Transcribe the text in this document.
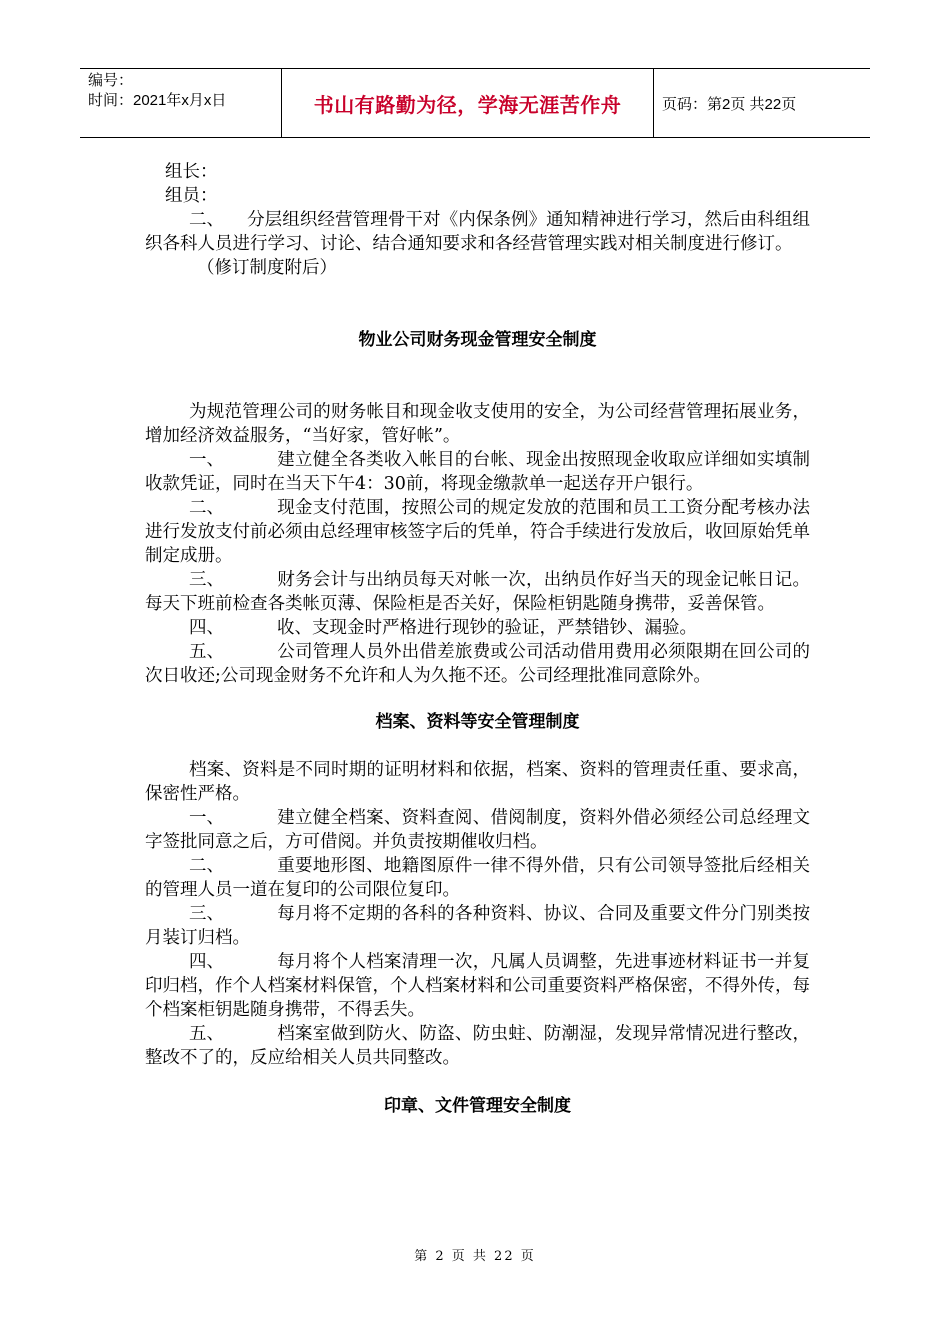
编号：
时间：2021年x月x日	书山有路勤为径，学海无涯苦作舟	页码：第2页 共22页

组长：

组员：

二、 分层组织经营管理骨干对《内保条例》通知精神进行学习，然后由科组组织各科人员进行学习、讨论、结合通知要求和各经营管理实践对相关制度进行修订。

（修订制度附后）

物业公司财务现金管理安全制度

为规范管理公司的财务帐目和现金收支使用的安全，为公司经营管理拓展业务，增加经济效益服务，“当好家，管好帐”。

一、	建立健全各类收入帐目的台帐、现金出按照现金收取应详细如实填制收款凭证，同时在当天下午4：30前，将现金缴款单一起送存开户银行。

二、	现金支付范围，按照公司的规定发放的范围和员工工资分配考核办法进行发放支付前必须由总经理审核签字后的凭单，符合手续进行发放后，收回原始凭单制定成册。

三、	财务会计与出纳员每天对帐一次，出纳员作好当天的现金记帐日记。每天下班前检查各类帐页薄、保险柜是否关好，保险柜钥匙随身携带，妥善保管。

四、	收、支现金时严格进行现钞的验证，严禁错钞、漏验。

五、	公司管理人员外出借差旅费或公司活动借用费用必须限期在回公司的次日收还;公司现金财务不允许和人为久拖不还。公司经理批准同意除外。

档案、资料等安全管理制度

档案、资料是不同时期的证明材料和依据，档案、资料的管理责任重、要求高，保密性严格。

一、	建立健全档案、资料查阅、借阅制度，资料外借必须经公司总经理文字签批同意之后，方可借阅。并负责按期催收归档。

二、	重要地形图、地籍图原件一律不得外借，只有公司领导签批后经相关的管理人员一道在复印的公司限位复印。

三、	每月将不定期的各科的各种资料、协议、合同及重要文件分门别类按月装订归档。

四、	每月将个人档案清理一次，凡属人员调整，先进事迹材料证书一并复印归档，作个人档案材料保管，个人档案材料和公司重要资料严格保密，不得外传，每个档案柜钥匙随身携带，不得丢失。

五、	档案室做到防火、防盗、防虫蛀、防潮湿，发现异常情况进行整改，整改不了的，反应给相关人员共同整改。

印章、文件管理安全制度
第 2 页 共 22 页
